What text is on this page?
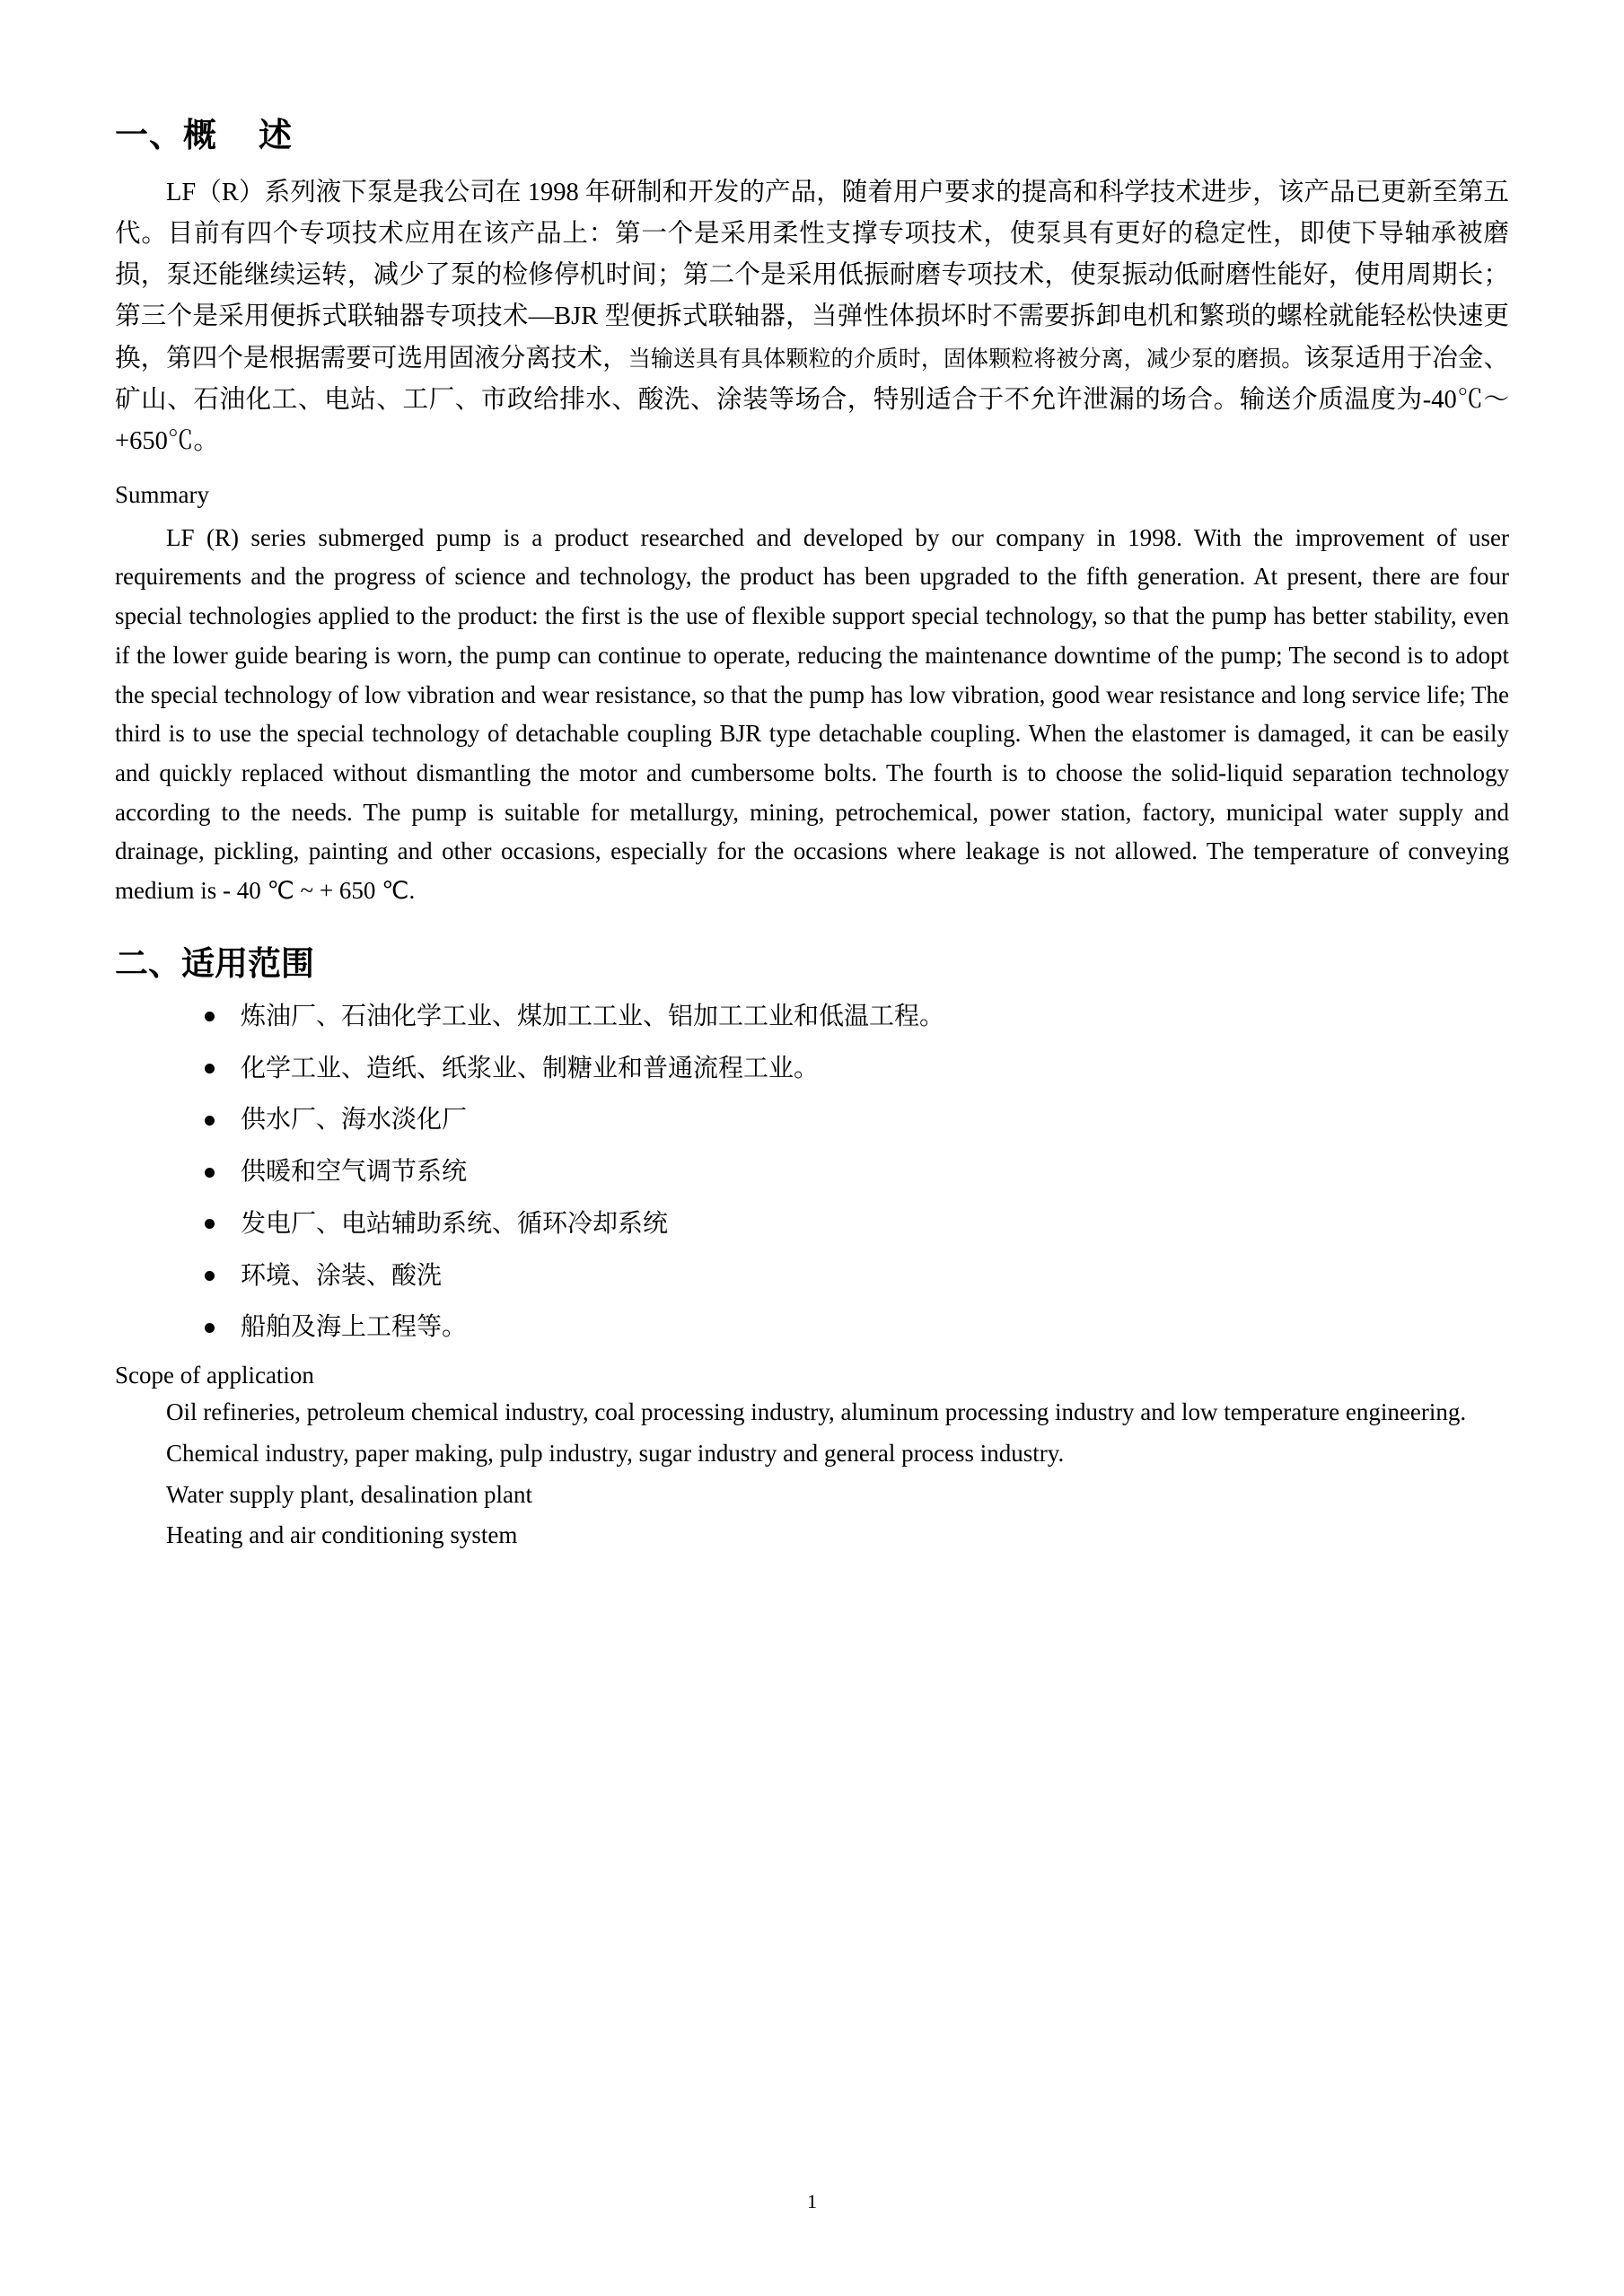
一、概 述

LF（R）系列液下泵是我公司在 1998 年研制和开发的产品，随着用户要求的提高和科学技术进步，该产品已更新至第五代。目前有四个专项技术应用在该产品上：第一个是采用柔性支撑专项技术，使泵具有更好的稳定性，即使下导轴承被磨损，泵还能继续运转，减少了泵的检修停机时间；第二个是采用低振耐磨专项技术，使泵振动低耐磨性能好，使用周期长；第三个是采用便拆式联轴器专项技术—BJR 型便拆式联轴器，当弹性体损坏时不需要拆卸电机和繁琐的螺栓就能轻松快速更换，第四个是根据需要可选用固液分离技术，当输送具有具体颗粒的介质时，固体颗粒将被分离，减少泵的磨损。该泵适用于冶金、矿山、石油化工、电站、工厂、市政给排水、酸洗、涂装等场合，特别适合于不允许泄漏的场合。输送介质温度为-40℃～+650℃。

Summary

LF (R) series submerged pump is a product researched and developed by our company in 1998. With the improvement of user requirements and the progress of science and technology, the product has been upgraded to the fifth generation. At present, there are four special technologies applied to the product: the first is the use of flexible support special technology, so that the pump has better stability, even if the lower guide bearing is worn, the pump can continue to operate, reducing the maintenance downtime of the pump; The second is to adopt the special technology of low vibration and wear resistance, so that the pump has low vibration, good wear resistance and long service life; The third is to use the special technology of detachable coupling BJR type detachable coupling. When the elastomer is damaged, it can be easily and quickly replaced without dismantling the motor and cumbersome bolts. The fourth is to choose the solid-liquid separation technology according to the needs. The pump is suitable for metallurgy, mining, petrochemical, power station, factory, municipal water supply and drainage, pickling, painting and other occasions, especially for the occasions where leakage is not allowed. The temperature of conveying medium is - 40 ℃ ~ + 650 ℃.

二、适用范围
炼油厂、石油化学工业、煤加工工业、铝加工工业和低温工程。
化学工业、造纸、纸浆业、制糖业和普通流程工业。
供水厂、海水淡化厂
供暖和空气调节系统
发电厂、电站辅助系统、循环冷却系统
环境、涂装、酸洗
船舶及海上工程等。

Scope of application

Oil refineries, petroleum chemical industry, coal processing industry, aluminum processing industry and low temperature engineering.

Chemical industry, paper making, pulp industry, sugar industry and general process industry.

Water supply plant, desalination plant

Heating and air conditioning system

1
